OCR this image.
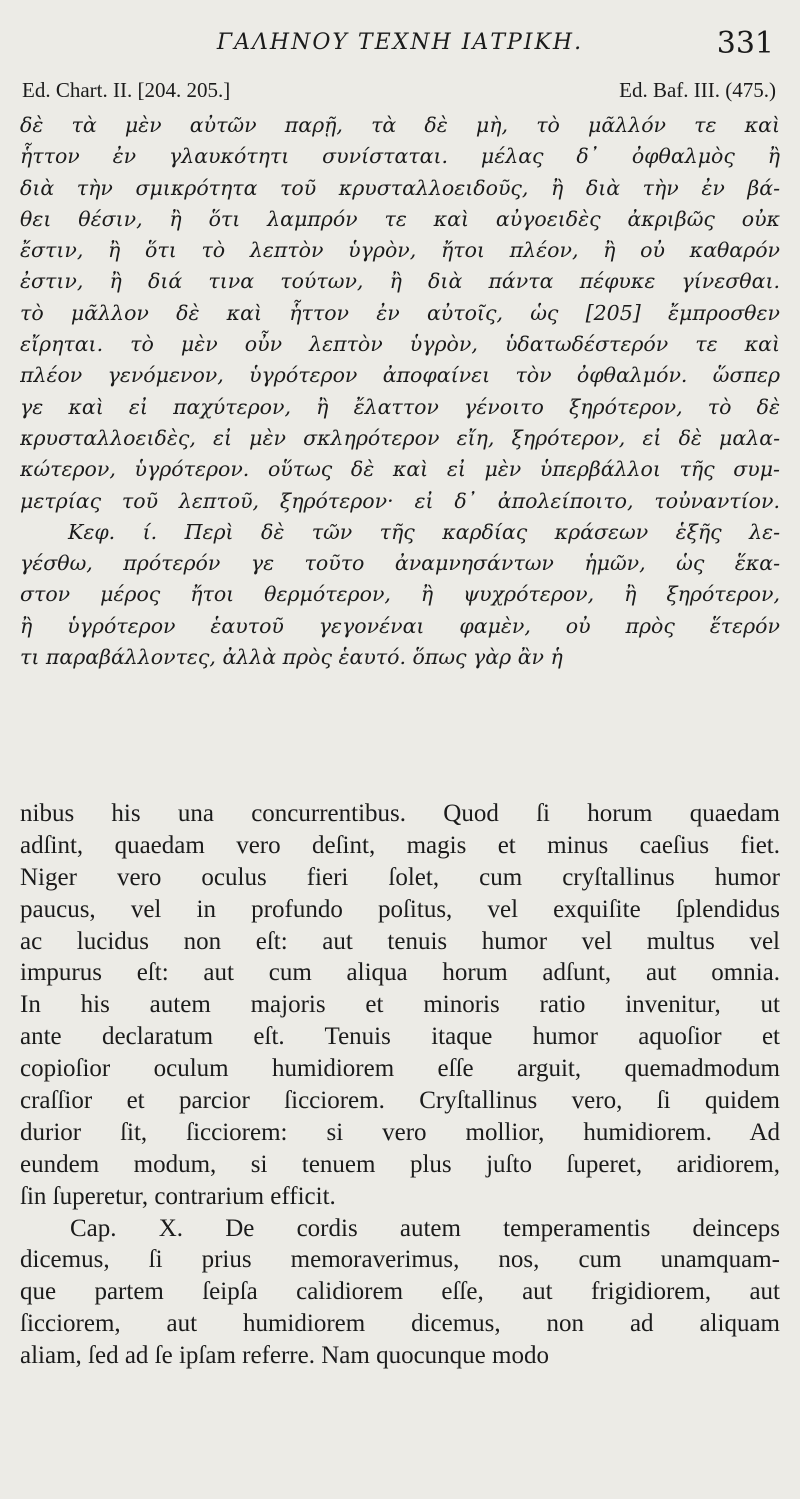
ΓΑΛΗΝΟΥ ΤΕΧΝΗ ΙΑΤΡΙΚΗ.	331
Ed. Chart. II. [204. 205.]	Ed. Baf. III. (475.)
δὲ τὰ μὲν αὐτῶν παρῇ, τὰ δὲ μὴ, τὸ μᾶλλόν τε καὶ
ἧττον ἐν γλαυκότητι συνίσταται. μέλας δ᾽ ὀφθαλμὸς ἢ
διὰ τὴν σμικρότητα τοῦ κρυσταλλοειδοῦς, ἢ διὰ τὴν ἐν βά-
θει θέσιν, ἢ ὅτι λαμπρόν τε καὶ αὐγοειδὲς ἀκριβῶς οὐκ
ἔστιν, ἢ ὅτι τὸ λεπτὸν ὑγρὸν, ἤτοι πλέον, ἢ οὐ καθαρόν
ἐστιν, ἢ διά τινα τούτων, ἢ διὰ πάντα πέφυκε γίνεσθαι.
τὸ μᾶλλον δὲ καὶ ἧττον ἐν αὐτοῖς, ὡς [205] ἔμπροσθεν
εἴρηται. τὸ μὲν οὖν λεπτὸν ὑγρὸν, ὑδατωδέστερόν τε καὶ
πλέον γενόμενον, ὑγρότερον ἀποφαίνει τὸν ὀφθαλμόν. ὥσπερ
γε καὶ εἰ παχύτερον, ἢ ἔλαττον γένοιτο ξηρότερον, τὸ δὲ
κρυσταλλοειδὲς, εἰ μὲν σκληρότερον εἴη, ξηρότερον, εἰ δὲ μαλα-
κώτερον, ὑγρότερον. οὕτως δὲ καὶ εἰ μὲν ὑπερβάλλοι τῆς συμ-
μετρίας τοῦ λεπτοῦ, ξηρότερον· εἰ δ᾽ ἀπολείποιτο, τοὐναντίον.
Κεφ. ί. Περὶ δὲ τῶν τῆς καρδίας κράσεων ἑξῆς λε-
γέσθω, πρότερόν γε τοῦτο ἀναμνησάντων ἡμῶν, ὡς ἕκα-
στον μέρος ἤτοι θερμότερον, ἢ ψυχρότερον, ἢ ξηρότερον,
ἢ ὑγρότερον ἑαυτοῦ γεγονέναι φαμὲν, οὐ πρὸς ἕτερόν
τι παραβάλλοντες, ἀλλὰ πρὸς ἑαυτό. ὅπως γὰρ ἂν ἡ
nibus his una concurrentibus. Quod ſi horum quaedam
adſint, quaedam vero deſint, magis et minus caeſius fiet.
Niger vero oculus fieri ſolet, cum cryſtallinus humor
paucus, vel in profundo poſitus, vel exquiſite ſplendidus
ac lucidus non eſt: aut tenuis humor vel multus vel
impurus eſt: aut cum aliqua horum adſunt, aut omnia.
In his autem majoris et minoris ratio invenitur, ut
ante declaratum eſt. Tenuis itaque humor aquoſior et
copioſior oculum humidiorem eſſe arguit, quemadmodum
craſſior et parcior ſicciorem. Cryſtallinus vero, ſi quidem
durior ſit, ſicciorem: si vero mollior, humidiorem. Ad
eundem modum, si tenuem plus juſto ſuperet, aridiorem,
ſin ſuperetur, contrarium efficit.
Cap. X. De cordis autem temperamentis deinceps
dicemus, ſi prius memoraverimus, nos, cum unamquam-
que partem ſeipſa calidiorem eſſe, aut frigidiorem, aut
ſicciorem, aut humidiorem dicemus, non ad aliquam
aliam, ſed ad ſe ipſam referre. Nam quocunque modo
